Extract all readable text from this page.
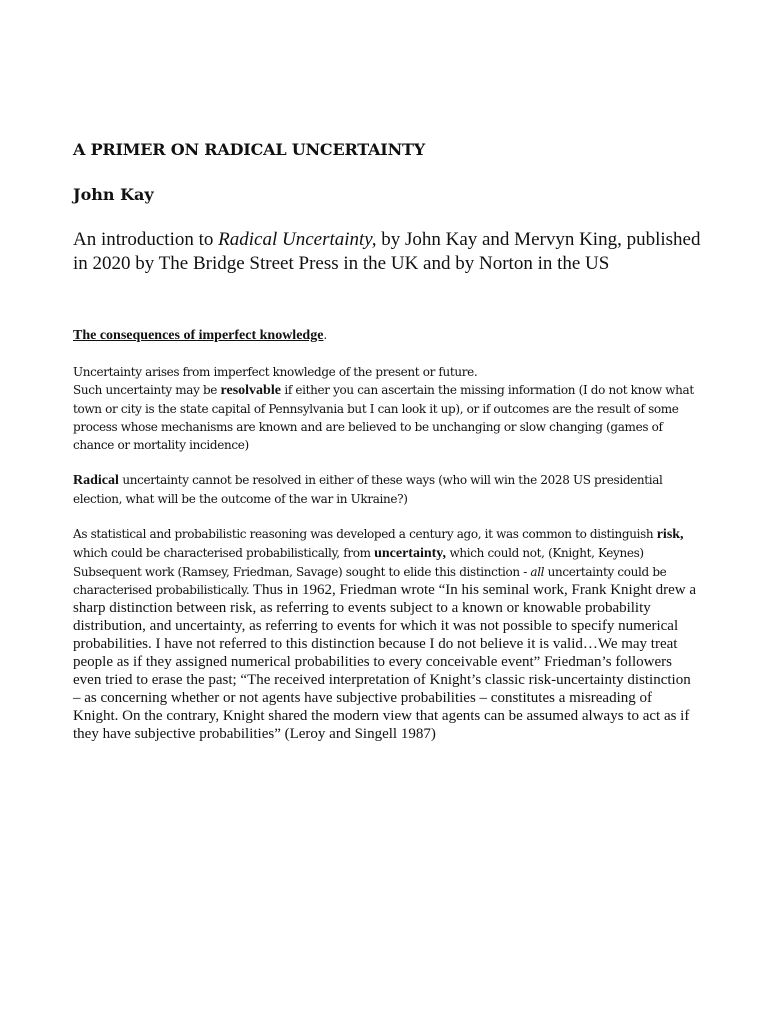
A PRIMER ON RADICAL UNCERTAINTY
John Kay

An introduction to Radical Uncertainty, by John Kay and Mervyn King, published in 2020 by The Bridge Street Press in the UK and by Norton in the US

The consequences of imperfect knowledge.

Uncertainty arises from imperfect knowledge of the present or future.

Such uncertainty may be resolvable if either you can ascertain the missing information (I do not know what town or city is the state capital of Pennsylvania but I can look it up), or if outcomes are the result of some process whose mechanisms are known and are believed to be unchanging or slow changing (games of chance or mortality incidence)

Radical uncertainty cannot be resolved in either of these ways (who will win the 2028 US presidential election, what will be the outcome of the war in Ukraine?)

As statistical and probabilistic reasoning was developed a century ago, it was common to distinguish risk, which could be characterised probabilistically, from uncertainty, which could not, (Knight, Keynes) Subsequent work (Ramsey, Friedman, Savage) sought to elide this distinction - all uncertainty could be characterised probabilistically. Thus in 1962, Friedman wrote “In his seminal work, Frank Knight drew a sharp distinction between risk, as referring to events subject to a known or knowable probability distribution, and uncertainty, as referring to events for which it was not possible to specify numerical probabilities. I have not referred to this distinction because I do not believe it is valid…We may treat people as if they assigned numerical probabilities to every conceivable event” Friedman’s followers even tried to erase the past; “The received interpretation of Knight’s classic risk-uncertainty distinction – as concerning whether or not agents have subjective probabilities – constitutes a misreading of Knight. On the contrary, Knight shared the modern view that agents can be assumed always to act as if they have subjective probabilities” (Leroy and Singell 1987)
